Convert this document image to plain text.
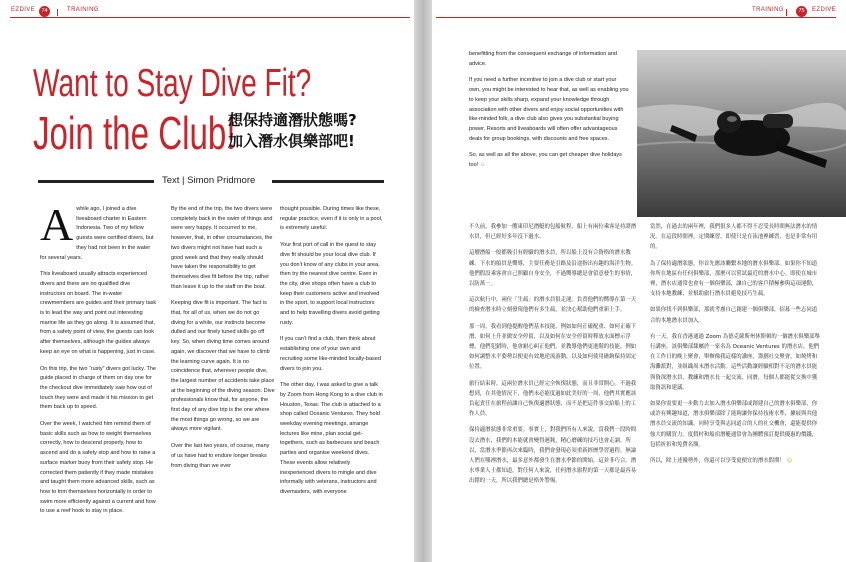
EZDIVE	74	TRAINING
Want to Stay Dive Fit?
Join the Club!
想保持適潛狀態嗎?
加入潛水俱樂部吧!
Text | Simon Pridmore

Awhile ago, I joined a dive liveaboard charter in Eastern Indonesia. Two of my fellow guests were certified divers, but they had not been in the water for several years.

This liveaboard usually attracts experienced divers and there are no qualified dive instructors on board. The in-water crewmembers are guides and their primary task is to lead the way and point out interesting marine life as they go along. It is assumed that, from a safety point of view, the guests can look after themselves, although the guides always keep an eye on what is happening, just in case.

On this trip, the two “rusty” divers got lucky. The guide placed in charge of them on day one for the checkout dive immediately saw how out of touch they were and made it his mission to get them back up to speed.

Over the week, I watched him remind them of basic skills such as how to weight themselves correctly, how to descend properly, how to ascend and do a safety stop and how to raise a surface marker buoy from their safety stop. He corrected them patiently if they made mistakes and taught them more advanced skills, such as how to trim themselves horizontally in order to swim more efficiently against a current and how to use a reef hook to stay in place.

By the end of the trip, the two divers were completely back in the swim of things and were very happy. It occurred to me, however, that, in other circumstances, the two divers might not have had such a good week and that they really should have taken the responsibility to get themselves dive fit before the trip, rather than leave it up to the staff on the boat.

Keeping dive fit is important. The fact is that, for all of us, when we do not go diving for a while, our instincts become dulled and our finely tuned skills go off key. So, when diving time comes around again, we discover that we have to climb the learning curve again. It is no coincidence that, wherever people dive, the largest number of accidents take place at the beginning of the diving season. Dive professionals know that, for anyone, the first day of any dive trip is the one where the most things go wrong, so we are always more vigilant.

Over the last two years, of course, many of us have had to endure longer breaks from diving than we ever

thought possible. During times like these, regular practice, even if it is only in a pool, is extremely useful.

Your first port of call in the quest to stay dive fit should be your local dive club. If you don’t know of any clubs in your area, then try the nearest dive centre. Even in the city, dive shops often have a club to keep their customers active and involved in the sport, to support local instructors and to help travelling divers avoid getting rusty.

If you can’t find a club, then think about establishing one of your own and recruiting some like-minded locally-based divers to join you.

The other day, I was asked to give a talk by Zoom from Hong Kong to a dive club in Houston, Texas. The club is attached to a shop called Oceanic Ventures. They hold weekday evening meetings, arrange lectures like mine, plan social get-togethers, such as barbecues and beach parties and organise weekend dives. These events allow relatively inexperienced divers to mingle and dive informally with veterans, instructors and divemasters, with everyone

TRAINING	75	EZDIVE

benefitting from the consequent exchange of information and advice.

If you need a further incentive to join a dive club or start your own, you might be interested to hear that, as well as enabling you to keep your skills sharp, expand your knowledge through association with other divers and enjoy social opportunities with like-minded folk, a dive club also gives you substantial buying power. Resorts and liveaboards will often offer advantageous deals for group bookings, with discounts and free spaces.

So, as well as all the above, you can get cheaper dive holidays too! ☺

不久前，我參加一艘東印尼潛艇的包船航程，船上有兩位乘客是持證潛水員，但已經好多年沒下過水。

這艘潛船一般都吸引有經驗的潛水員，所以船上沒有合資格的潛水教練。下水的船員是嚮導，主要任務是引路及沿途指出有趣的海洋生物。他們假設乘客會自己照顧自身安全，不過嚮導總是會留意發生的事情，以防萬一。

這次航行中，兩位「生疏」的潛水員很走運。負責他們的嚮導在第一天的檢查潛水時立刻發現他們有多生疏，並決心幫助他們重新上手。

那一周，我看到他提醒他們基本技能，例如如何正確配重、如何正確下潛、如何上升並做安全停留，以及如何在安全停留時釋放水面標示浮標。他們犯錯時，他會耐心糾正他們，並教導他們更進階的技能，例如如何調整水平姿勢以便更有效地逆流游動，以及如何使用礁鉤保持固定位置。

旅行結束時，這兩位潛水員已經完全恢復狀態，而且非常開心。不過我想到，在其他情況下，他們未必能度過如此美好的一周，他們其實應該負起責任在旅程前讓自己恢復適潛狀態，而不是把這件事交給船上的工作人員。

保持適潛狀態非常重要。事實上，對我們所有人來說，當我們一段時間沒去潛水，我們的本能就會變得遲鈍，精心磨練的技巧也會走調。所以，當潛水季節再次來臨時，我們會發現必須重新經歷學習過程。無論人們在哪裡潛水，最多意外都發生在潛水季節的開始，這並非巧合。潛水專業人士都知道，對任何人來說，任何潛水旅程的第一天都是最容易出錯的一天，所以我們總是格外警惕。

當然，在過去的兩年裡，我們很多人都不得不忍受長時間無法潛水的情況。在這段時間裡，定期練習，即使只是在泳池裡練習，也是非常有用的。

為了保持適潛狀態，你首先應該聯繫本地的潛水俱樂部。如果你不知道你所在地區有任何俱樂部，那麼可以嘗試最近的潛水中心。即使在城市裡，潛水店通常也會有一個俱樂部，讓自己的客戶積極參與這項運動，支持本地教練，並幫助旅行潛水員避免技巧生疏。

如果你找不到俱樂部，那就考慮自己創建一個俱樂部，招募一些志同道合的本地潛水員加入。

有一天，我在香港通過 Zoom 為德克薩斯州休斯頓的一個潛水俱樂部舉行講座。該俱樂部隸屬於一家名為 Oceanic Ventures 的潛水店。他們在工作日的晚上聚會，舉辦像我這樣的講座，籌劃社交聚會，如燒烤和海灘派對，並組織周末潛水活動。這些活動讓經驗相對不足的潛水員能與資深潛水員、教練和潛水長一起交流、同潛，每個人都能從交換中獲取資訊和建議。

如果你需要更一步動力去加入潛水俱樂部或創建自己的潛水俱樂部，你或許有興趣知道，潛水俱樂部除了能夠讓你保持技術水準，擴展與其他潛水員交流的知識，同時享受與志同道合的人的社交機會，還能提供你強大的購買力。度假村和船宿潛艇通常會為團體預訂提供優惠的價錢，包括折扣和免費名額。

所以，除上述優勢外，你還可以享受更便宜的潛水假期！ ☺
